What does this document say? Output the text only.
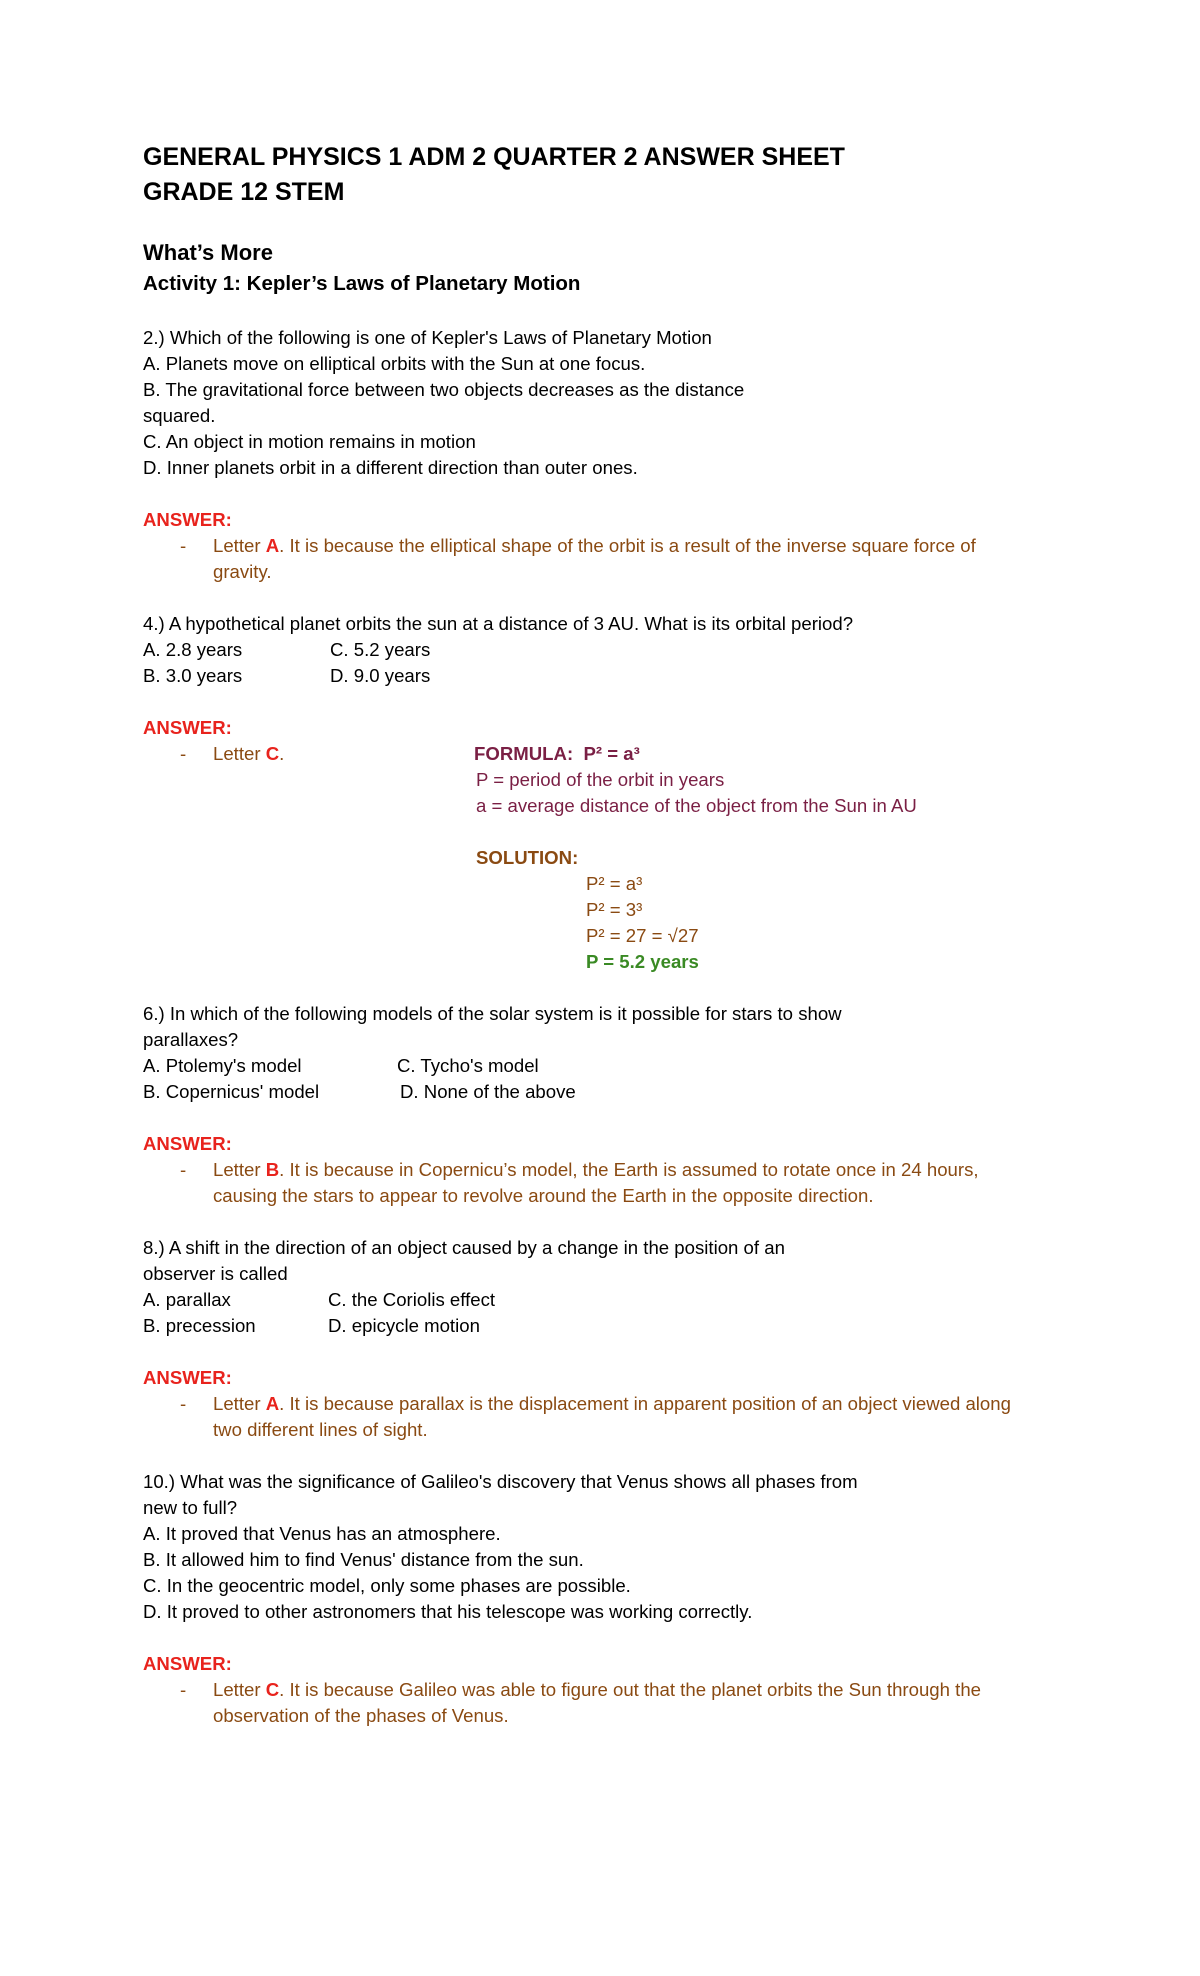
GENERAL PHYSICS 1 ADM 2 QUARTER 2 ANSWER SHEET
GRADE 12 STEM
What’s More
Activity 1: Kepler’s Laws of Planetary Motion
2.) Which of the following is one of Kepler's Laws of Planetary Motion
A. Planets move on elliptical orbits with the Sun at one focus.
B. The gravitational force between two objects decreases as the distance
squared.
C. An object in motion remains in motion
D. Inner planets orbit in a different direction than outer ones.
ANSWER:
- Letter A. It is because the elliptical shape of the orbit is a result of the inverse square force of
gravity.
4.) A hypothetical planet orbits the sun at a distance of 3 AU. What is its orbital period?
A. 2.8 years	C. 5.2 years
B. 3.0 years	D. 9.0 years
ANSWER:
- Letter C.	FORMULA: P² = a³
P = period of the orbit in years
a = average distance of the object from the Sun in AU
SOLUTION:
P² = a³
P² = 3³
P² = 27 = √27
P = 5.2 years
6.) In which of the following models of the solar system is it possible for stars to show
parallaxes?
A. Ptolemy's model	C. Tycho's model
B. Copernicus' model	D. None of the above
ANSWER:
- Letter B. It is because in Copernicu’s model, the Earth is assumed to rotate once in 24 hours,
causing the stars to appear to revolve around the Earth in the opposite direction.
8.) A shift in the direction of an object caused by a change in the position of an
observer is called
A. parallax	C. the Coriolis effect
B. precession	D. epicycle motion
ANSWER:
- Letter A. It is because parallax is the displacement in apparent position of an object viewed along
two different lines of sight.
10.) What was the significance of Galileo's discovery that Venus shows all phases from
new to full?
A. It proved that Venus has an atmosphere.
B. It allowed him to find Venus' distance from the sun.
C. In the geocentric model, only some phases are possible.
D. It proved to other astronomers that his telescope was working correctly.
ANSWER:
- Letter C. It is because Galileo was able to figure out that the planet orbits the Sun through the
observation of the phases of Venus.
